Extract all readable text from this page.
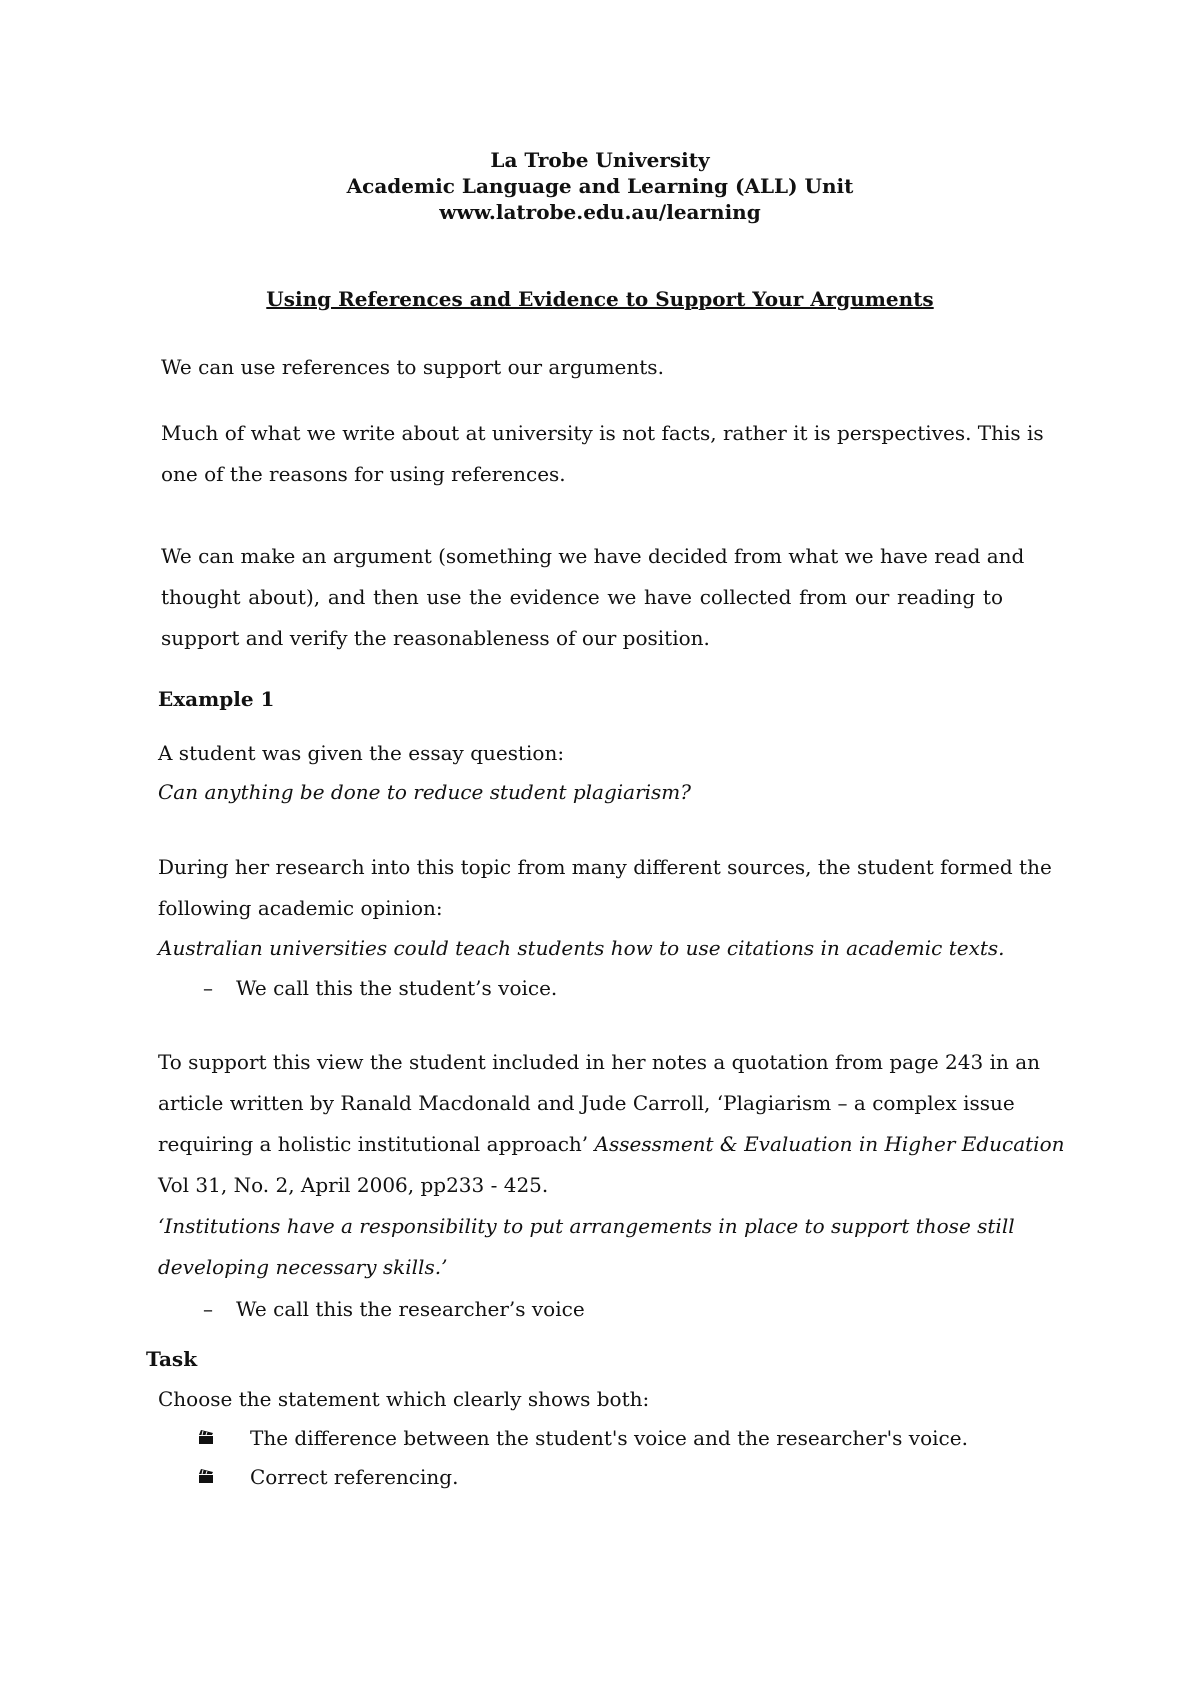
La Trobe University
Academic Language and Learning (ALL) Unit
www.latrobe.edu.au/learning
Using References and Evidence to Support Your Arguments
We can use references to support our arguments.
Much of what we write about at university is not facts, rather it is perspectives. This is
one of the reasons for using references.
We can make an argument (something we have decided from what we have read and
thought about), and then use the evidence we have collected from our reading to
support and verify the reasonableness of our position.
Example 1
A student was given the essay question:
Can anything be done to reduce student plagiarism?
During her research into this topic from many different sources, the student formed the
following academic opinion:
Australian universities could teach students how to use citations in academic texts.
– We call this the student’s voice.
To support this view the student included in her notes a quotation from page 243 in an
article written by Ranald Macdonald and Jude Carroll, ‘Plagiarism – a complex issue
requiring a holistic institutional approach’ Assessment & Evaluation in Higher Education
Vol 31, No. 2, April 2006, pp233 - 425.
‘Institutions have a responsibility to put arrangements in place to support those still
developing necessary skills.’
– We call this the researcher’s voice
Task
Choose the statement which clearly shows both:
The difference between the student's voice and the researcher's voice.
Correct referencing.
